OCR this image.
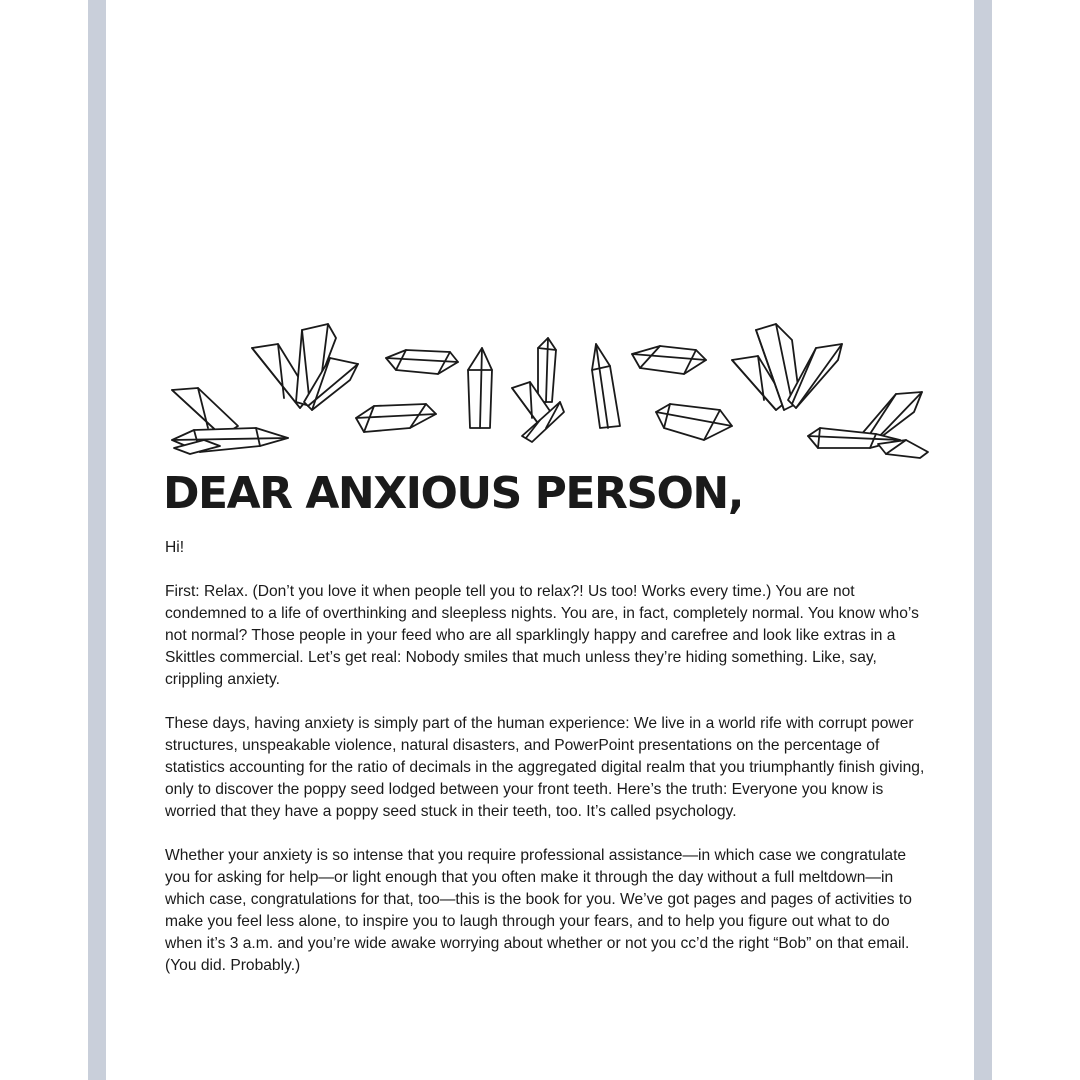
DEAR ANXIOUS PERSON,

Hi!

First: Relax. (Don’t you love it when people tell you to relax?! Us too! Works every time.) You are not condemned to a life of overthinking and sleepless nights. You are, in fact, completely normal. You know who’s not normal? Those people in your feed who are all sparklingly happy and carefree and look like extras in a Skittles commercial. Let’s get real: Nobody smiles that much unless they’re hiding something. Like, say, crippling anxiety.

These days, having anxiety is simply part of the human experience: We live in a world rife with corrupt power structures, unspeakable violence, natural disasters, and PowerPoint presentations on the percentage of statistics accounting for the ratio of decimals in the aggregated digital realm that you triumphantly finish giving, only to discover the poppy seed lodged between your front teeth. Here’s the truth: Everyone you know is worried that they have a poppy seed stuck in their teeth, too. It’s called psychology.

Whether your anxiety is so intense that you require professional assistance—in which case we congratulate you for asking for help—or light enough that you often make it through the day without a full meltdown—in which case, congratulations for that, too—this is the book for you. We’ve got pages and pages of activities to make you feel less alone, to inspire you to laugh through your fears, and to help you figure out what to do when it’s 3 a.m. and you’re wide awake worrying about whether or not you cc’d the right “Bob” on that email. (You did. Probably.)
